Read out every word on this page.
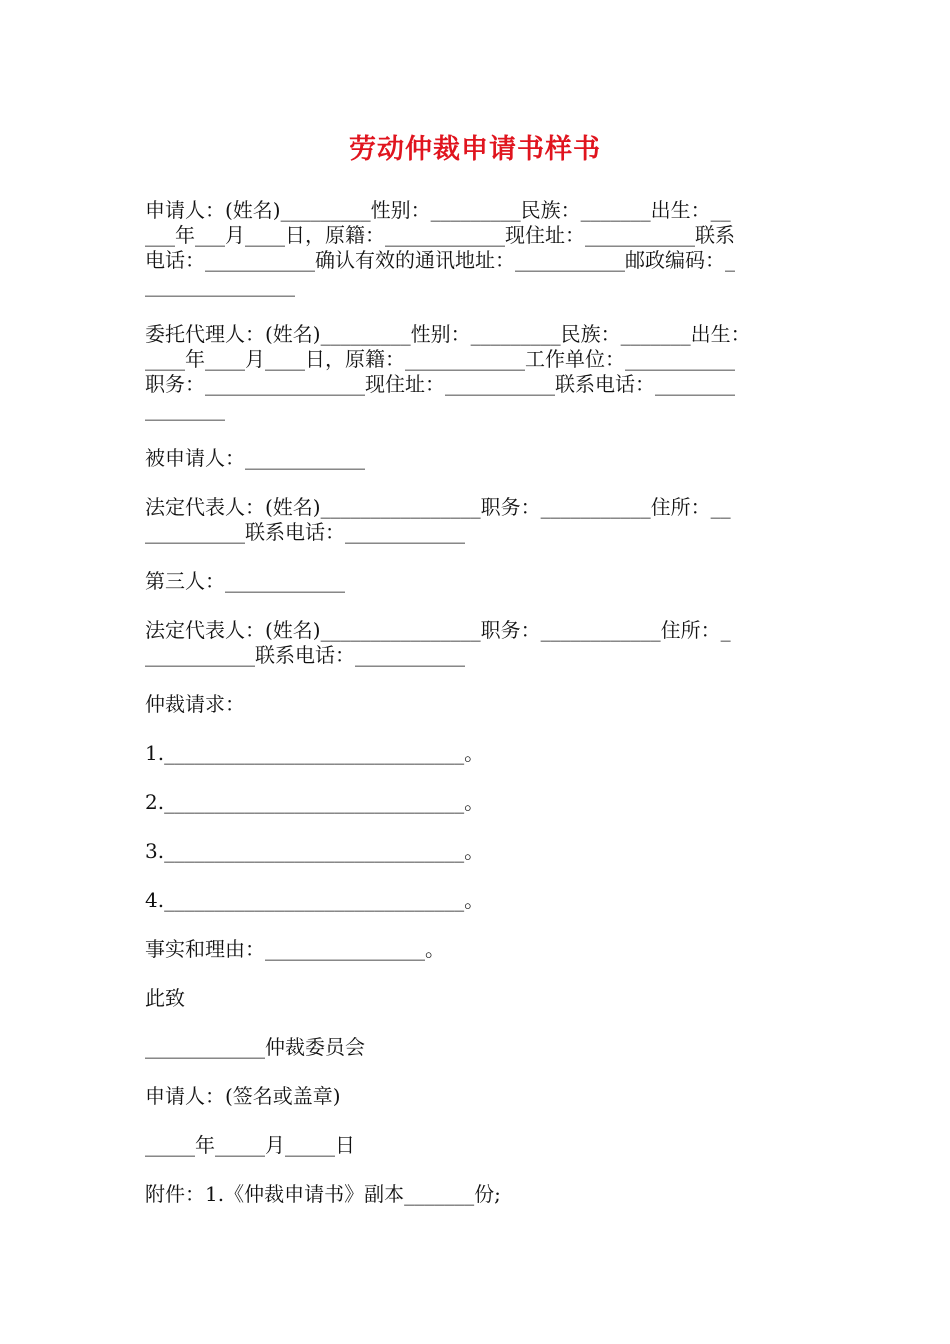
劳动仲裁申请书样书
申请人：(姓名)_________性别：_________民族：_______出生：__
___年___月____日，原籍：____________现住址：___________联系
电话：___________确认有效的通讯地址：___________邮政编码：_
_______________
委托代理人：(姓名)_________性别：_________民族：_______出生：
____年____月____日，原籍：____________工作单位：___________
职务：________________现住址：___________联系电话：________
________
被申请人：____________
法定代表人：(姓名)________________职务：___________住所：__
__________联系电话：____________
第三人：____________
法定代表人：(姓名)________________职务：____________住所：_
___________联系电话：___________
仲裁请求：
1.______________________________。
2.______________________________。
3.______________________________。
4.______________________________。
事实和理由：________________。
此致
____________仲裁委员会
申请人：(签名或盖章)
_____年_____月_____日
附件：1.《仲裁申请书》副本_______份;
